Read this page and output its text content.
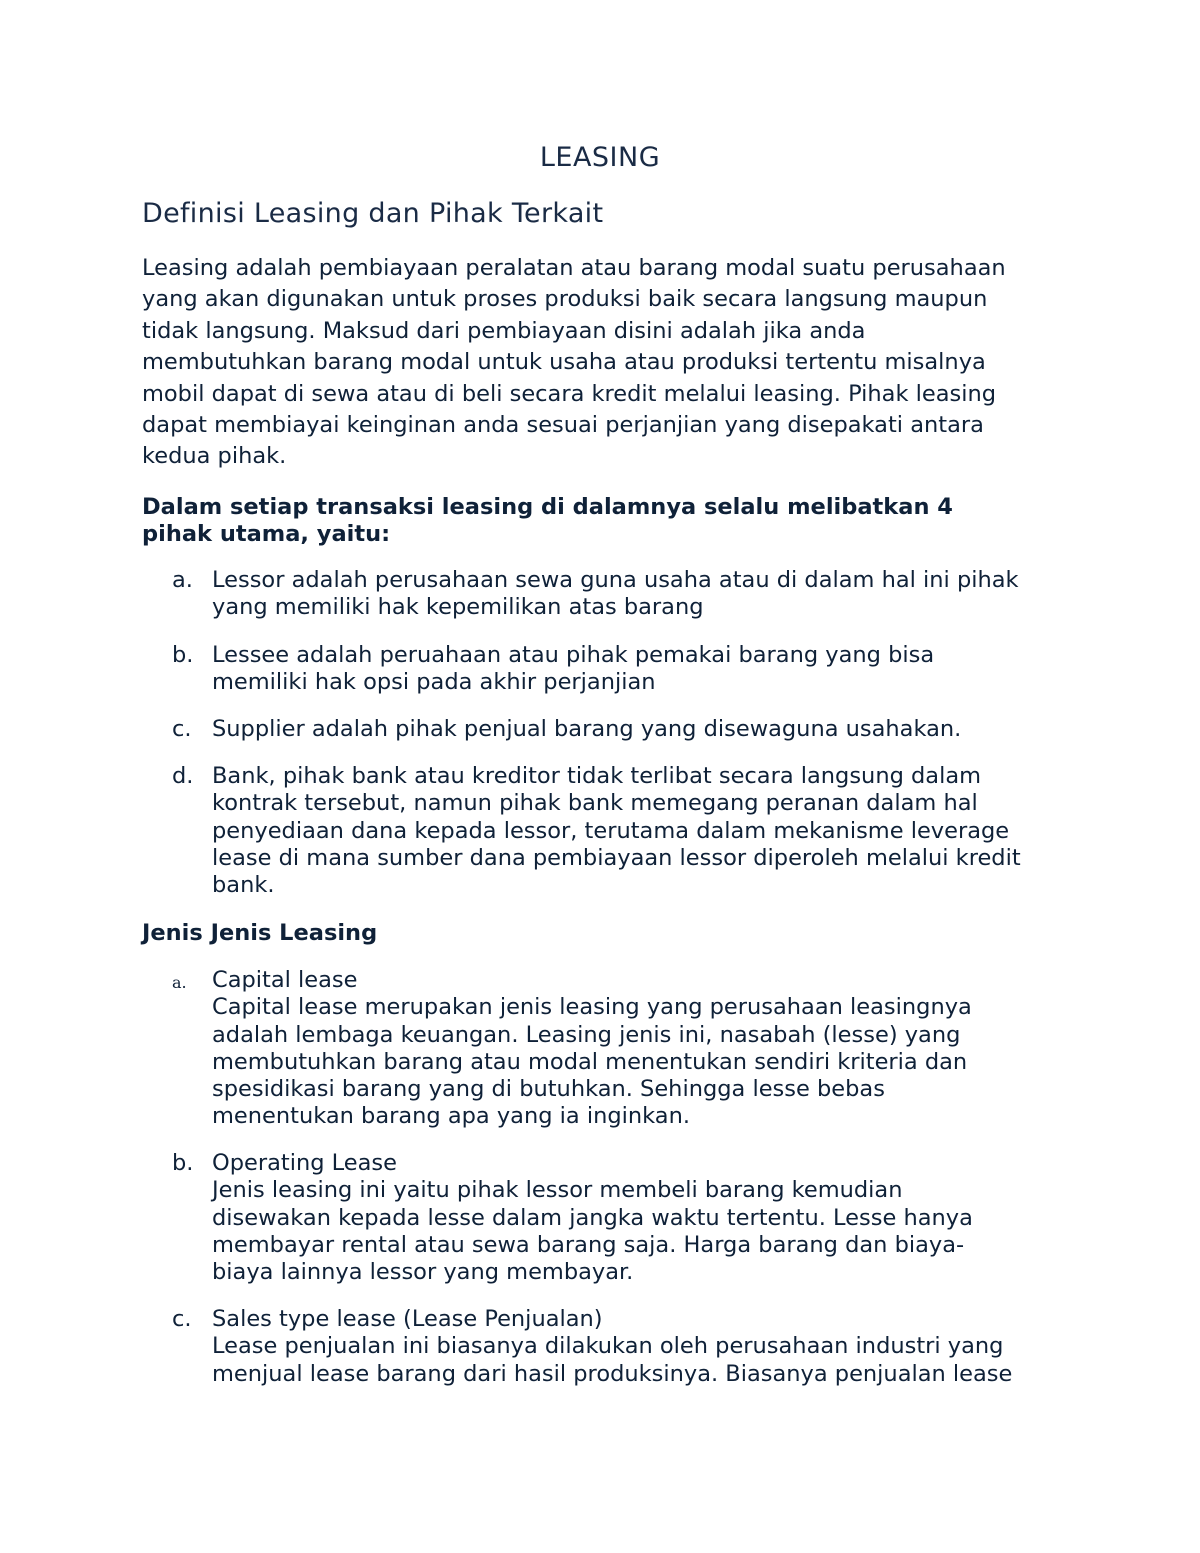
LEASING
Definisi Leasing dan Pihak Terkait

Leasing adalah pembiayaan peralatan atau barang modal suatu perusahaan
yang akan digunakan untuk proses produksi baik secara langsung maupun
tidak langsung. Maksud dari pembiayaan disini adalah jika anda
membutuhkan barang modal untuk usaha atau produksi tertentu misalnya
mobil dapat di sewa atau di beli secara kredit melalui leasing. Pihak leasing
dapat membiayai keinginan anda sesuai perjanjian yang disepakati antara
kedua pihak.

Dalam setiap transaksi leasing di dalamnya selalu melibatkan 4
pihak utama, yaitu:

a. Lessor adalah perusahaan sewa guna usaha atau di dalam hal ini pihak
yang memiliki hak kepemilikan atas barang
b. Lessee adalah peruahaan atau pihak pemakai barang yang bisa
memiliki hak opsi pada akhir perjanjian
c. Supplier adalah pihak penjual barang yang disewaguna usahakan.
d. Bank, pihak bank atau kreditor tidak terlibat secara langsung dalam
kontrak tersebut, namun pihak bank memegang peranan dalam hal
penyediaan dana kepada lessor, terutama dalam mekanisme leverage
lease di mana sumber dana pembiayaan lessor diperoleh melalui kredit
bank.
Jenis Jenis Leasing
a.	Capital lease
Capital lease merupakan jenis leasing yang perusahaan leasingnya
adalah lembaga keuangan. Leasing jenis ini, nasabah (lesse) yang
membutuhkan barang atau modal menentukan sendiri kriteria dan
spesidikasi barang yang di butuhkan. Sehingga lesse bebas
menentukan barang apa yang ia inginkan.
b. Operating Lease
Jenis leasing ini yaitu pihak lessor membeli barang kemudian
disewakan kepada lesse dalam jangka waktu tertentu. Lesse hanya
membayar rental atau sewa barang saja. Harga barang dan biaya-
biaya lainnya lessor yang membayar.
c. Sales type lease (Lease Penjualan)
Lease penjualan ini biasanya dilakukan oleh perusahaan industri yang
menjual lease barang dari hasil produksinya. Biasanya penjualan lease
